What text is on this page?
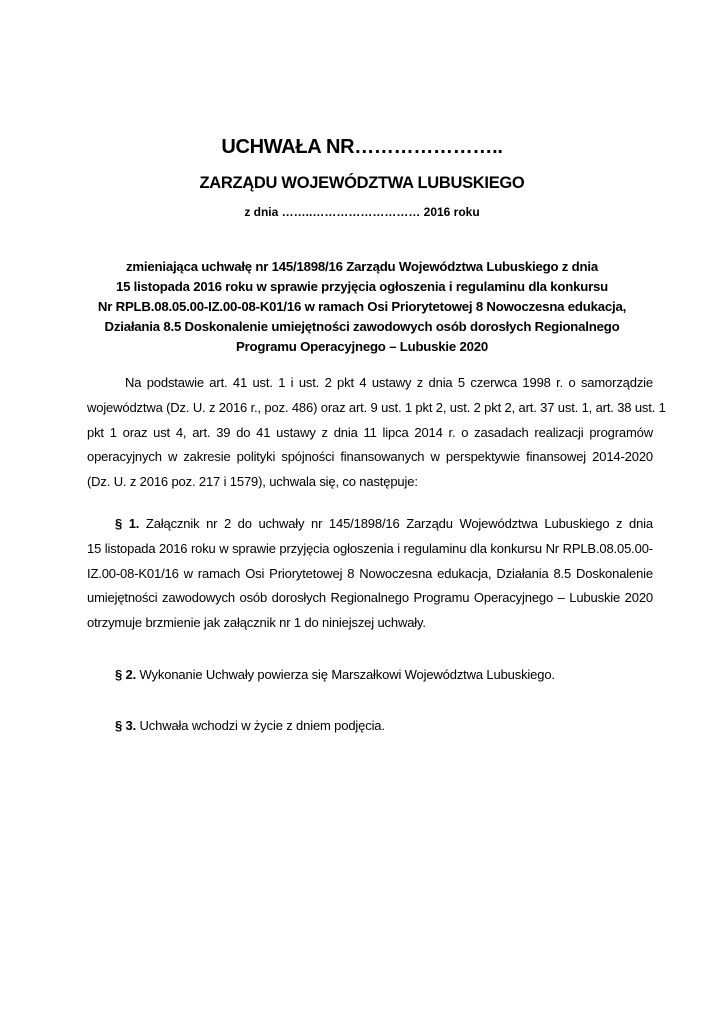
UCHWAŁA NR…………………..
ZARZĄDU WOJEWÓDZTWA LUBUSKIEGO
z dnia ……..……………………… 2016 roku
zmieniająca uchwałę nr 145/1898/16 Zarządu Województwa Lubuskiego z dnia
15 listopada 2016 roku w sprawie przyjęcia ogłoszenia i regulaminu dla konkursu
Nr RPLB.08.05.00-IZ.00-08-K01/16 w ramach Osi Priorytetowej 8 Nowoczesna edukacja,
Działania 8.5 Doskonalenie umiejętności zawodowych osób dorosłych Regionalnego
Programu Operacyjnego – Lubuskie 2020
Na podstawie art. 41 ust. 1 i ust. 2 pkt 4 ustawy z dnia 5 czerwca 1998 r. o samorządzie
województwa (Dz. U. z 2016 r., poz. 486) oraz art. 9 ust. 1 pkt 2, ust. 2 pkt 2, art. 37 ust. 1, art. 38 ust. 1
pkt 1 oraz ust 4, art. 39 do 41 ustawy z dnia 11 lipca 2014 r. o zasadach realizacji programów
operacyjnych w zakresie polityki spójności finansowanych w perspektywie finansowej 2014-2020
(Dz. U. z 2016 poz. 217 i 1579), uchwala się, co następuje:
§ 1. Załącznik nr 2 do uchwały nr 145/1898/16 Zarządu Województwa Lubuskiego z dnia
15 listopada 2016 roku w sprawie przyjęcia ogłoszenia i regulaminu dla konkursu Nr RPLB.08.05.00-
IZ.00-08-K01/16 w ramach Osi Priorytetowej 8 Nowoczesna edukacja, Działania 8.5 Doskonalenie
umiejętności zawodowych osób dorosłych Regionalnego Programu Operacyjnego – Lubuskie 2020
otrzymuje brzmienie jak załącznik nr 1 do niniejszej uchwały.
§ 2. Wykonanie Uchwały powierza się Marszałkowi Województwa Lubuskiego.
§ 3. Uchwała wchodzi w życie z dniem podjęcia.
